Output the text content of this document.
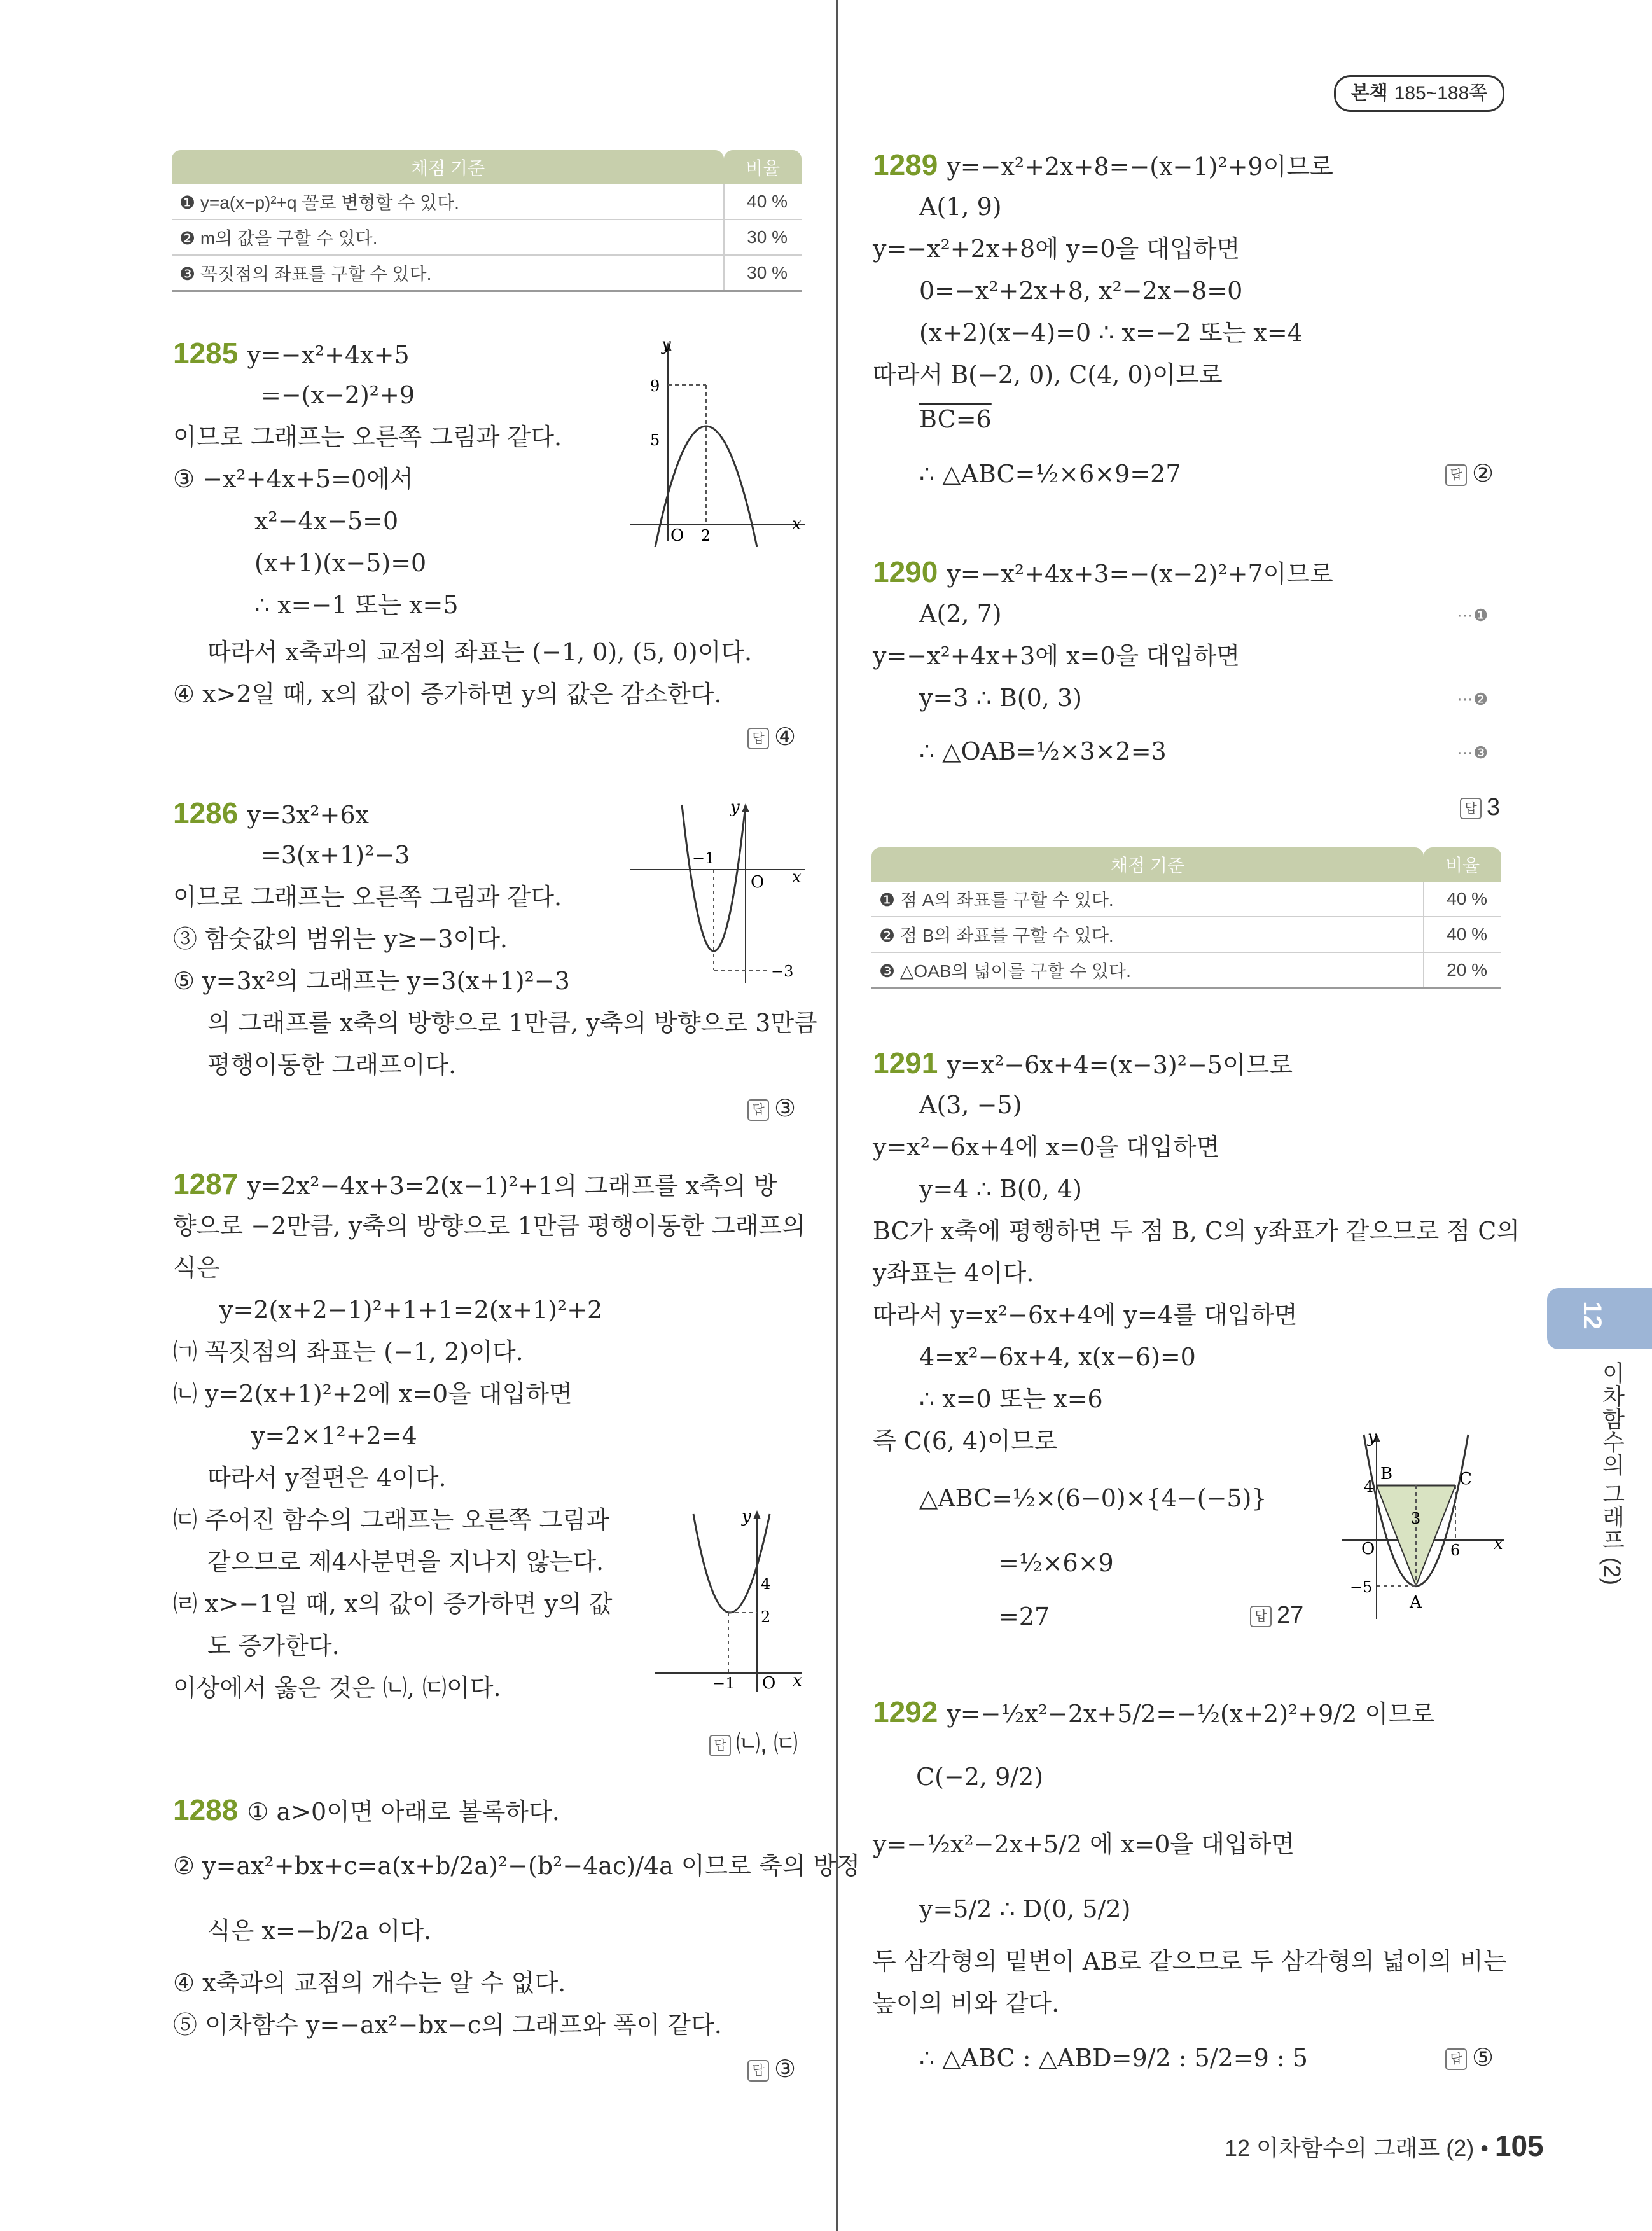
본책 185~188쪽
채점 기준	비율
❶ y=a(x−p)²+q 꼴로 변형할 수 있다.	40 %
❷ m의 값을 구할 수 있다.	30 %
❸ 꼭짓점의 좌표를 구할 수 있다.	30 %
1285 y=−x²+4x+5
=−(x−2)²+9
이므로 그래프는 오른쪽 그림과 같다.
③ −x²+4x+5=0에서
x²−4x−5=0
(x+1)(x−5)=0
∴ x=−1 또는 x=5
따라서 x축과의 교점의 좌표는 (−1, 0), (5, 0)이다.
④ x>2일 때, x의 값이 증가하면 y의 값은 감소한다.
답 ④
y
x
O
9
5
2
1286 y=3x²+6x
=3(x+1)²−3
이므로 그래프는 오른쪽 그림과 같다.
③ 함숫값의 범위는 y≥−3이다.
⑤ y=3x²의 그래프는 y=3(x+1)²−3
의 그래프를 x축의 방향으로 1만큼, y축의 방향으로 3만큼
평행이동한 그래프이다.
답 ③
y
x
O
−1
−3
1287 y=2x²−4x+3=2(x−1)²+1의 그래프를 x축의 방
향으로 −2만큼, y축의 방향으로 1만큼 평행이동한 그래프의
식은
y=2(x+2−1)²+1+1=2(x+1)²+2
㈀ 꼭짓점의 좌표는 (−1, 2)이다.
㈁ y=2(x+1)²+2에 x=0을 대입하면
y=2×1²+2=4
따라서 y절편은 4이다.
㈂ 주어진 함수의 그래프는 오른쪽 그림과
같으므로 제4사분면을 지나지 않는다.
㈃ x>−1일 때, x의 값이 증가하면 y의 값
도 증가한다.
이상에서 옳은 것은 ㈁, ㈂이다.
답 ㈁, ㈂
y
x
O
4
2
−1
1288 ① a>0이면 아래로 볼록하다.
② y=ax²+bx+c=a(x+b/2a)²−(b²−4ac)/4a 이므로 축의 방정
식은 x=−b/2a 이다.
④ x축과의 교점의 개수는 알 수 없다.
⑤ 이차함수 y=−ax²−bx−c의 그래프와 폭이 같다.
답 ③
1289 y=−x²+2x+8=−(x−1)²+9이므로
A(1, 9)
y=−x²+2x+8에 y=0을 대입하면
0=−x²+2x+8, x²−2x−8=0
(x+2)(x−4)=0 ∴ x=−2 또는 x=4
따라서 B(−2, 0), C(4, 0)이므로
BC=6
∴ △ABC=½×6×9=27	답 ②
1290 y=−x²+4x+3=−(x−2)²+7이므로
A(2, 7)
y=−x²+4x+3에 x=0을 대입하면
y=3 ∴ B(0, 3)
∴ △OAB=½×3×2=3
⋯❶
⋯❷
⋯❸
답 3
채점 기준	비율
❶ 점 A의 좌표를 구할 수 있다.	40 %
❷ 점 B의 좌표를 구할 수 있다.	40 %
❸ △OAB의 넓이를 구할 수 있다.	20 %
1291 y=x²−6x+4=(x−3)²−5이므로
A(3, −5)
y=x²−6x+4에 x=0을 대입하면
y=4 ∴ B(0, 4)
BC가 x축에 평행하면 두 점 B, C의 y좌표가 같으므로 점 C의
y좌표는 4이다.
따라서 y=x²−6x+4에 y=4를 대입하면
4=x²−6x+4, x(x−6)=0
∴ x=0 또는 x=6
즉 C(6, 4)이므로
△ABC=½×(6−0)×{4−(−5)}
=½×6×9
=27	답 27
y
x
O
4
3
6
−5
B	C
A
1292 y=−½x²−2x+5/2=−½(x+2)²+9/2 이므로
C(−2, 9/2)
y=−½x²−2x+5/2 에 x=0을 대입하면
y=5/2 ∴ D(0, 5/2)
두 삼각형의 밑변이 AB로 같으므로 두 삼각형의 넓이의 비는
높이의 비와 같다.
∴ △ABC : △ABD=9/2 : 5/2=9 : 5	답 ⑤
12
이차함수의 그래프 (2)
12 이차함수의 그래프 (2) • 105
